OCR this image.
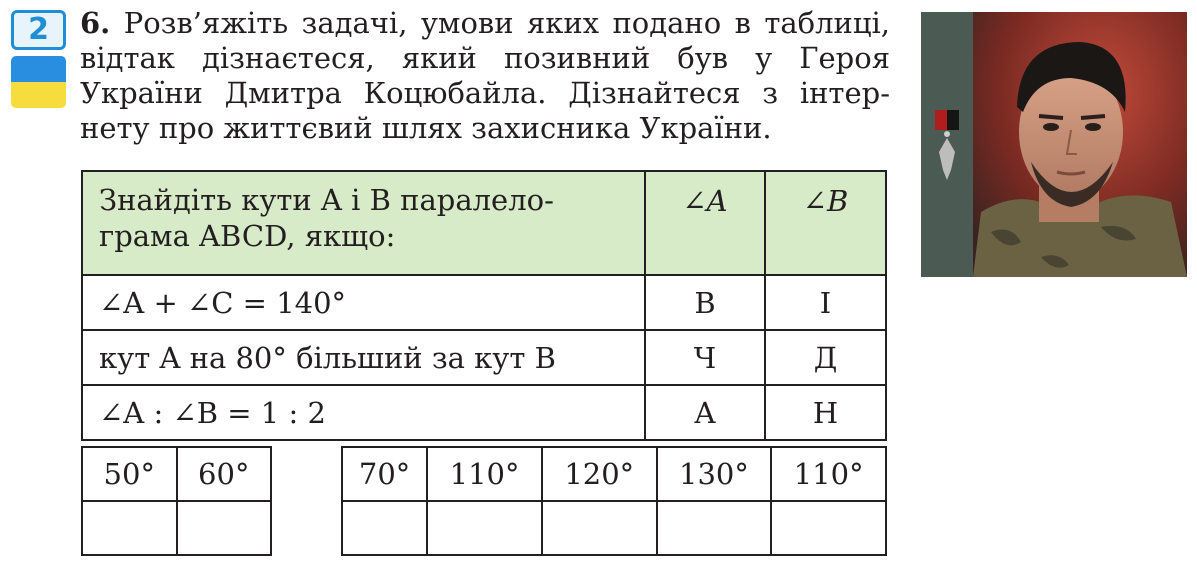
2 6. Розв’яжіть задачі, умови яких подано в таблиці,
відтак дізнаєтеся, який позивний був у Героя
України Дмитра Коцюбайла. Дізнайтеся з інтер-
нету про життєвий шлях захисника України.
Знайдіть кути A і B паралело-
грама ABCD, якщо:	∠A	∠B
∠A + ∠C = 140°	В	І
кут A на 80° більший за кут B	Ч	Д
∠A : ∠B = 1 : 2	А	Н
50°	60°
		70°	110°	120°	130°	110°
